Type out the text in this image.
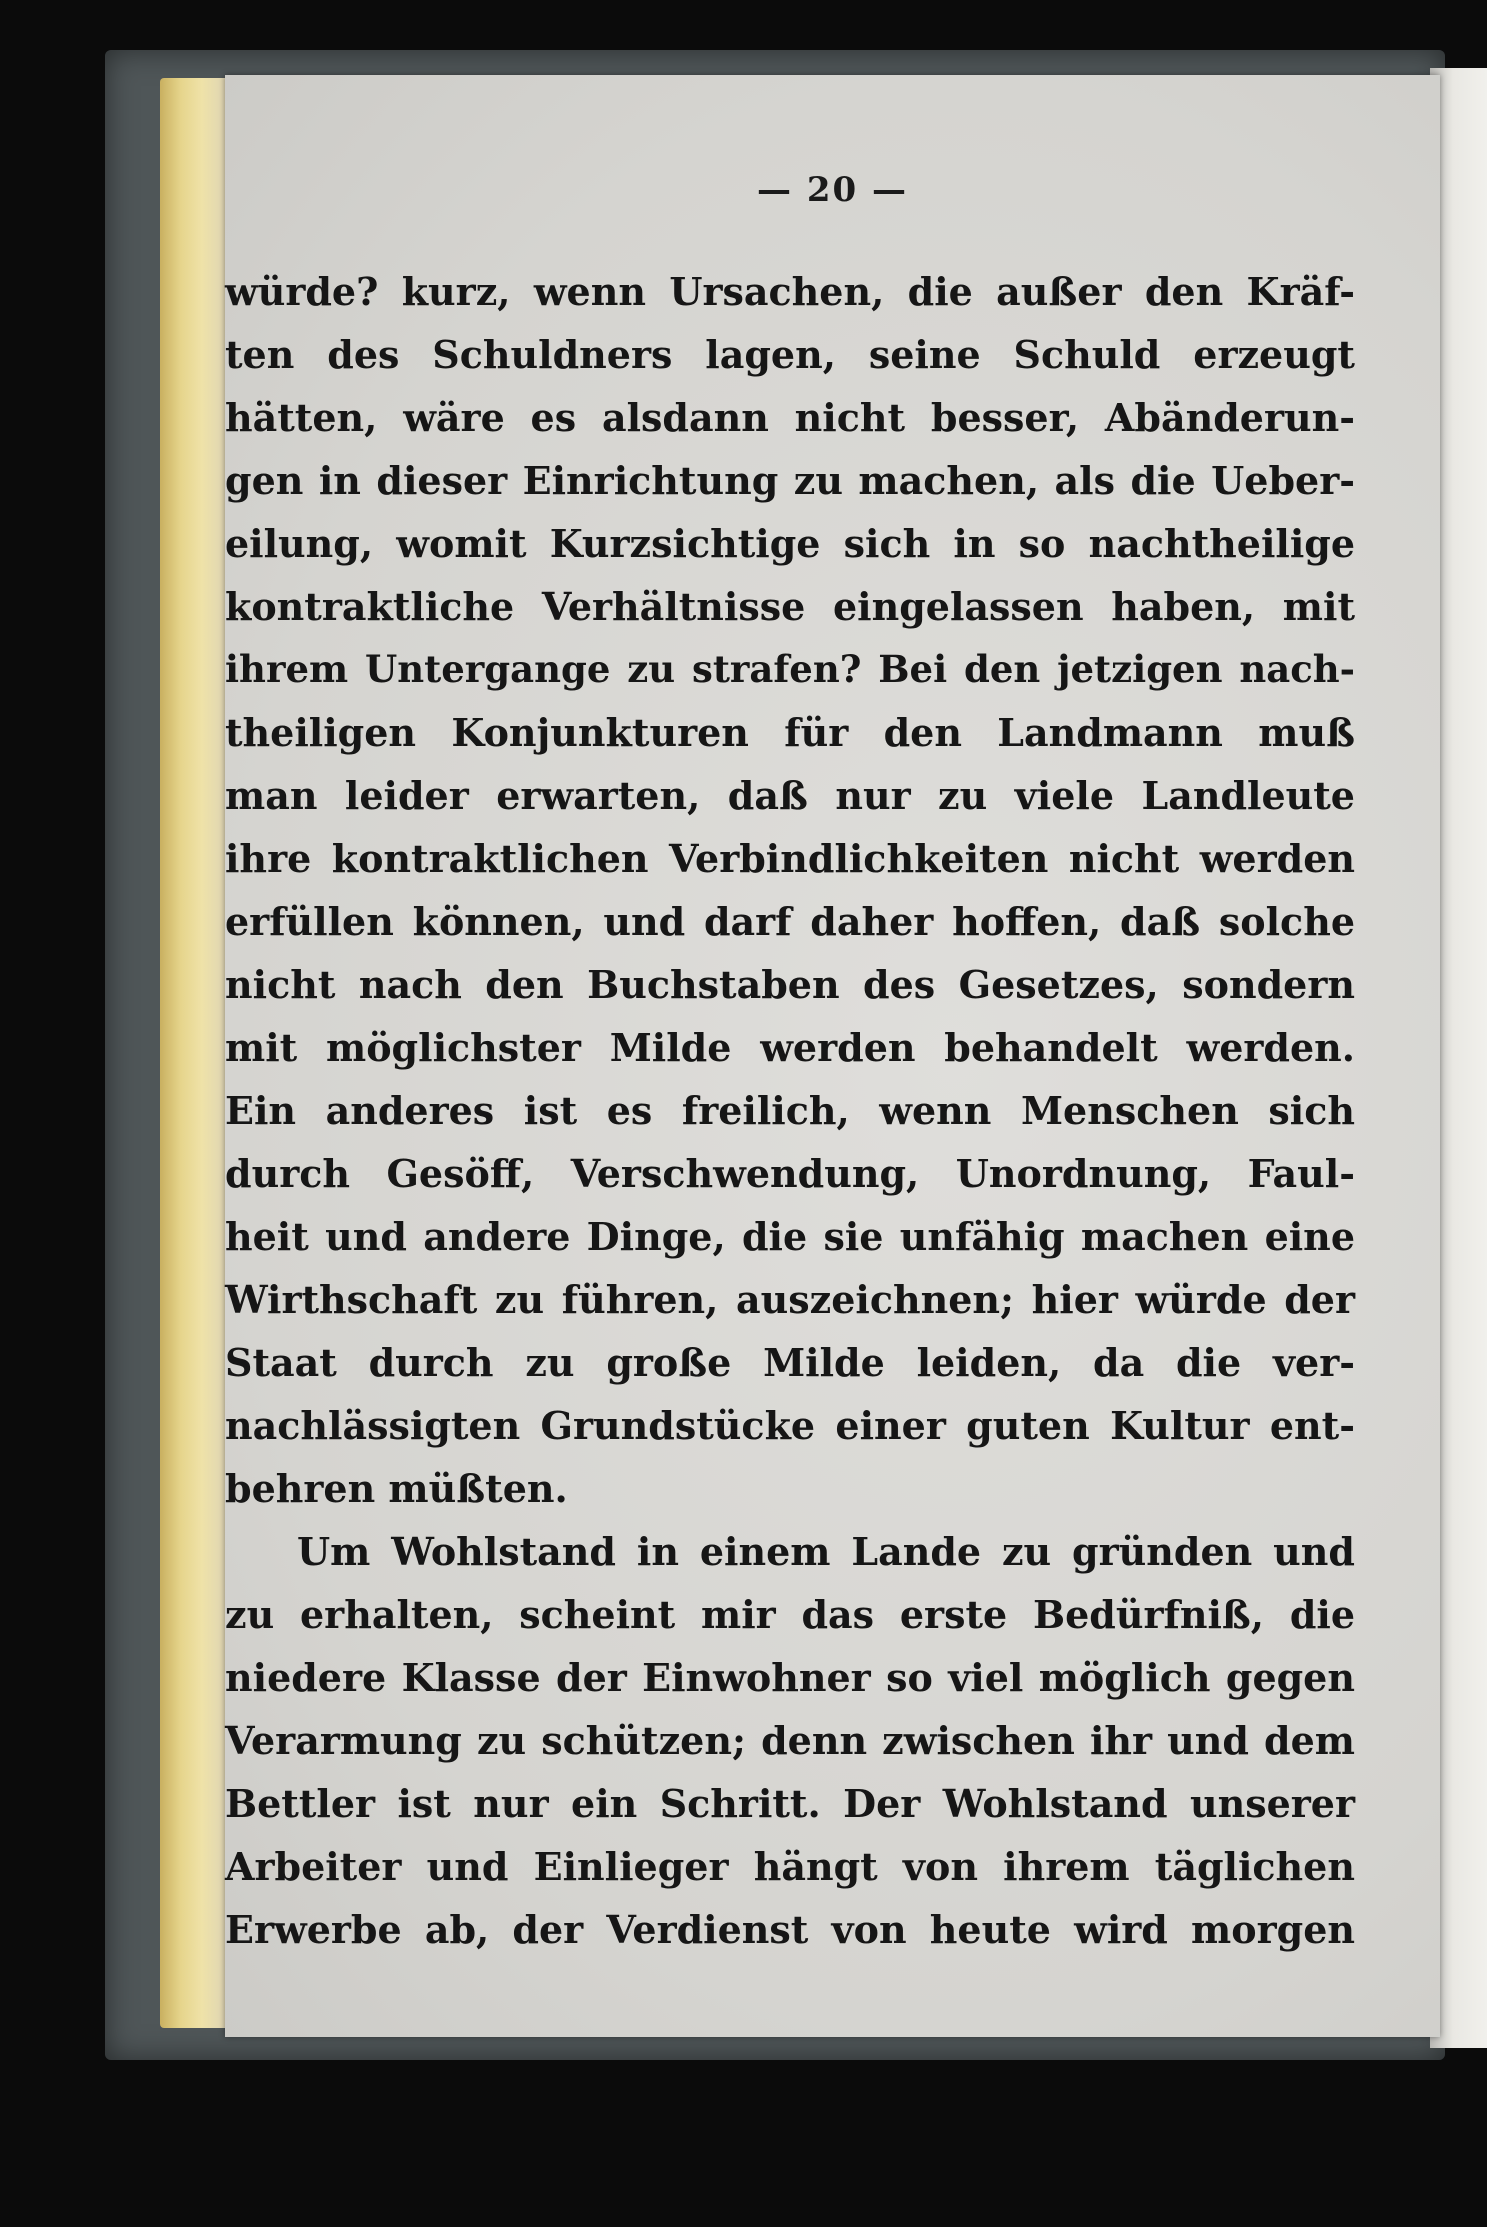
— 20 —
würde? kurz, wenn Ursachen, die außer den Kräf-
ten des Schuldners lagen, seine Schuld erzeugt
hätten, wäre es alsdann nicht besser, Abänderun-
gen in dieser Einrichtung zu machen, als die Ueber-
eilung, womit Kurzsichtige sich in so nachtheilige
kontraktliche Verhältnisse eingelassen haben, mit
ihrem Untergange zu strafen? Bei den jetzigen nach-
theiligen Konjunkturen für den Landmann muß
man leider erwarten, daß nur zu viele Landleute
ihre kontraktlichen Verbindlichkeiten nicht werden
erfüllen können, und darf daher hoffen, daß solche
nicht nach den Buchstaben des Gesetzes, sondern
mit möglichster Milde werden behandelt werden.
Ein anderes ist es freilich, wenn Menschen sich
durch Gesöff, Verschwendung, Unordnung, Faul-
heit und andere Dinge, die sie unfähig machen eine
Wirthschaft zu führen, auszeichnen; hier würde der
Staat durch zu große Milde leiden, da die ver-
nachlässigten Grundstücke einer guten Kultur ent-
behren müßten.
Um Wohlstand in einem Lande zu gründen und
zu erhalten, scheint mir das erste Bedürfniß, die
niedere Klasse der Einwohner so viel möglich gegen
Verarmung zu schützen; denn zwischen ihr und dem
Bettler ist nur ein Schritt. Der Wohlstand unserer
Arbeiter und Einlieger hängt von ihrem täglichen
Erwerbe ab, der Verdienst von heute wird morgen
